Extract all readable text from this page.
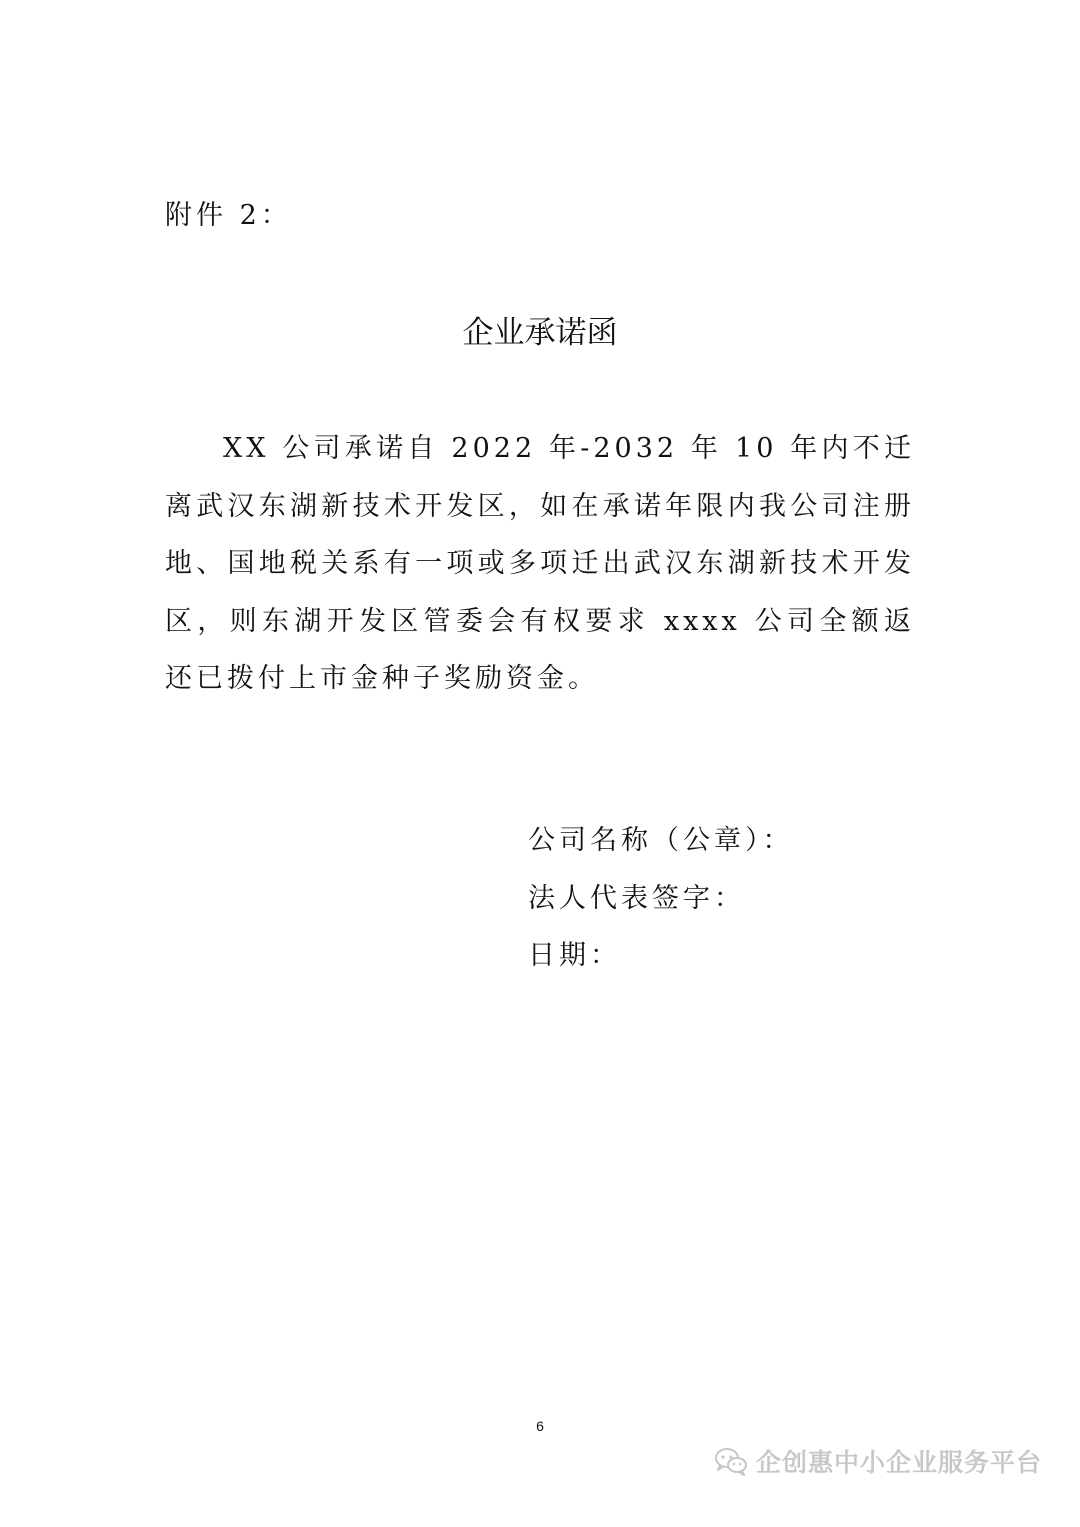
附件 2：
企业承诺函

XX 公司承诺自 2022 年-2032 年 10 年内不迁离武汉东湖新技术开发区，如在承诺年限内我公司注册地、国地税关系有一项或多项迁出武汉东湖新技术开发区，则东湖开发区管委会有权要求 xxxx 公司全额返还已拨付上市金种子奖励资金。

公司名称（公章）：
法人代表签字：
日期：
6
企创惠中小企业服务平台
